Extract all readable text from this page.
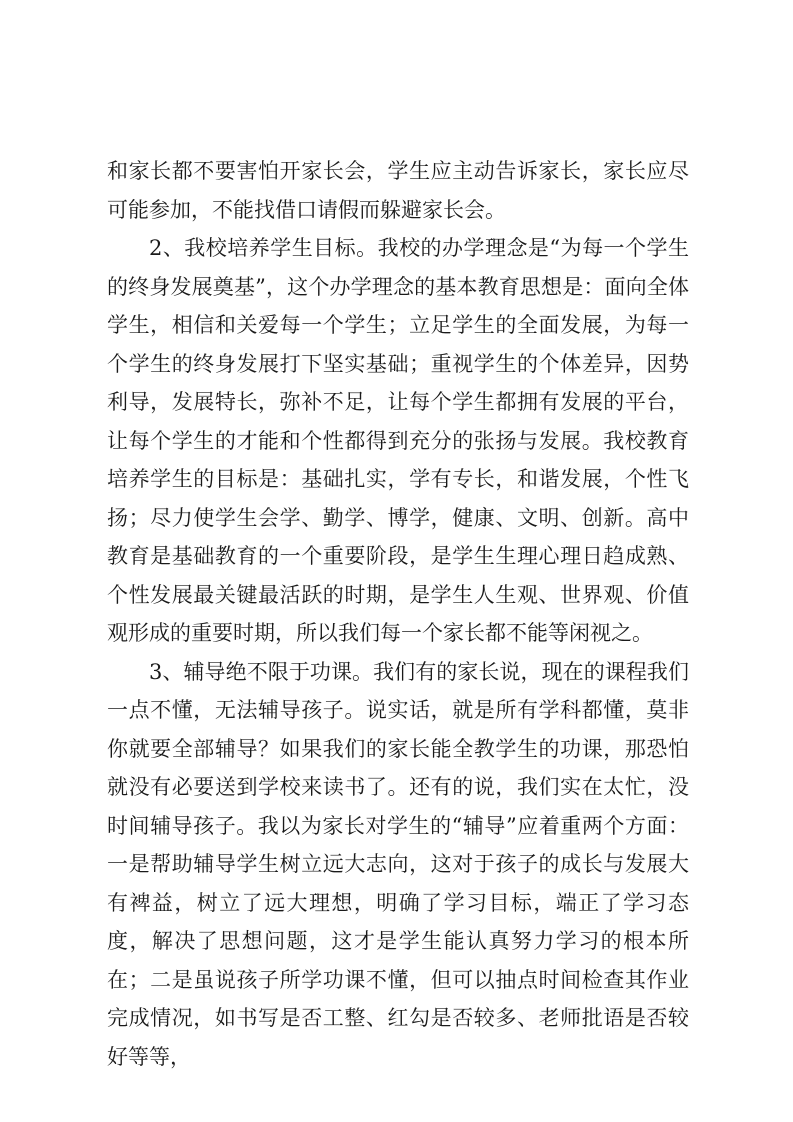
和家长都不要害怕开家长会，学生应主动告诉家长，家长应尽可能参加，不能找借口请假而躲避家长会。

2、我校培养学生目标。我校的办学理念是“为每一个学生的终身发展奠基”，这个办学理念的基本教育思想是：面向全体学生，相信和关爱每一个学生；立足学生的全面发展，为每一个学生的终身发展打下坚实基础；重视学生的个体差异，因势利导，发展特长，弥补不足，让每个学生都拥有发展的平台，让每个学生的才能和个性都得到充分的张扬与发展。我校教育培养学生的目标是：基础扎实，学有专长，和谐发展，个性飞扬；尽力使学生会学、勤学、博学，健康、文明、创新。高中教育是基础教育的一个重要阶段，是学生生理心理日趋成熟、个性发展最关键最活跃的时期，是学生人生观、世界观、价值观形成的重要时期，所以我们每一个家长都不能等闲视之。

3、辅导绝不限于功课。我们有的家长说，现在的课程我们一点不懂，无法辅导孩子。说实话，就是所有学科都懂，莫非你就要全部辅导？如果我们的家长能全教学生的功课，那恐怕就没有必要送到学校来读书了。还有的说，我们实在太忙，没时间辅导孩子。我以为家长对学生的“辅导”应着重两个方面：一是帮助辅导学生树立远大志向，这对于孩子的成长与发展大有裨益，树立了远大理想，明确了学习目标，端正了学习态度，解决了思想问题，这才是学生能认真努力学习的根本所在；二是虽说孩子所学功课不懂，但可以抽点时间检查其作业完成情况，如书写是否工整、红勾是否较多、老师批语是否较好等等，
